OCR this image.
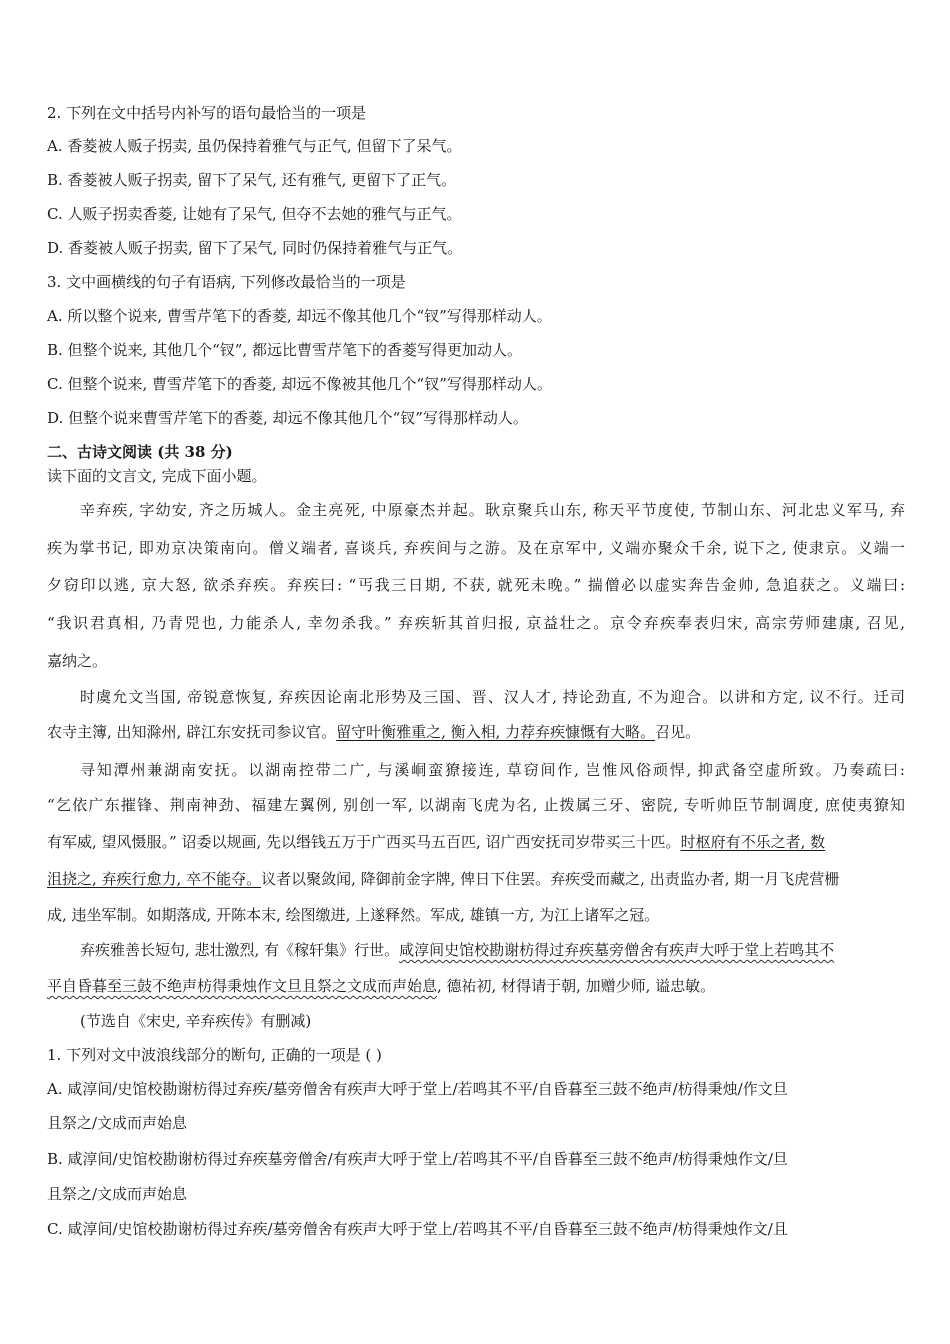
2. 下列在文中括号内补写的语句最恰当的一项是
A. 香菱被人贩子拐卖, 虽仍保持着雅气与正气, 但留下了呆气。
B. 香菱被人贩子拐卖, 留下了呆气, 还有雅气, 更留下了正气。
C. 人贩子拐卖香菱, 让她有了呆气, 但夺不去她的雅气与正气。
D. 香菱被人贩子拐卖, 留下了呆气, 同时仍保持着雅气与正气。
3. 文中画横线的句子有语病, 下列修改最恰当的一项是
A. 所以整个说来, 曹雪芹笔下的香菱, 却远不像其他几个“钗”写得那样动人。
B. 但整个说来, 其他几个“钗”, 都远比曹雪芹笔下的香菱写得更加动人。
C. 但整个说来, 曹雪芹笔下的香菱, 却远不像被其他几个“钗”写得那样动人。
D. 但整个说来曹雪芹笔下的香菱, 却远不像其他几个“钗”写得那样动人。
二、古诗文阅读 (共 38 分)
读下面的文言文, 完成下面小题。
辛弃疾, 字幼安, 齐之历城人。金主亮死, 中原豪杰并起。耿京聚兵山东, 称天平节度使, 节制山东、河北忠义军马, 弃
疾为掌书记, 即劝京决策南向。僧义端者, 喜谈兵, 弃疾间与之游。及在京军中, 义端亦聚众千余, 说下之, 使隶京。义端一
夕窃印以逃, 京大怒, 欲杀弃疾。弃疾曰: “丐我三日期, 不获, 就死未晚。” 揣僧必以虚实奔告金帅, 急追获之。义端曰:
“我识君真相, 乃青兕也, 力能杀人, 幸勿杀我。” 弃疾斩其首归报, 京益壮之。京令弃疾奉表归宋, 高宗劳师建康, 召见,
嘉纳之。
时虞允文当国, 帝锐意恢复, 弃疾因论南北形势及三国、晋、汉人才, 持论劲直, 不为迎合。以讲和方定, 议不行。迁司
农寺主簿, 出知滁州, 辟江东安抚司参议官。留守叶衡雅重之, 衡入相, 力荐弃疾慷慨有大略。召见。
寻知潭州兼湖南安抚。以湖南控带二广, 与溪峒蛮獠接连, 草窃间作, 岂惟风俗顽悍, 抑武备空虚所致。乃奏疏曰:
“乞依广东摧锋、荆南神劲、福建左翼例, 别创一军, 以湖南飞虎为名, 止拨属三牙、密院, 专听帅臣节制调度, 庶使夷獠知
有军威, 望风慑服。” 诏委以规画, 先以缗钱五万于广西买马五百匹, 诏广西安抚司岁带买三十匹。时枢府有不乐之者, 数
沮挠之, 弃疾行愈力, 卒不能夺。议者以聚敛闻, 降御前金字牌, 俾日下住罢。弃疾受而藏之, 出责监办者, 期一月飞虎营栅
成, 违坐军制。如期落成, 开陈本末, 绘图缴进, 上遂释然。军成, 雄镇一方, 为江上诸军之冠。
弃疾雅善长短句, 悲壮激烈, 有《稼轩集》行世。咸淳间史馆校勘谢枋得过弃疾墓旁僧舍有疾声大呼于堂上若鸣其不
平自昏暮至三鼓不绝声枋得秉烛作文旦且祭之文成而声始息, 德祐初, 材得请于朝, 加赠少师, 谥忠敏。
(节选自《宋史, 辛弃疾传》有删减)
1. 下列对文中波浪线部分的断句, 正确的一项是 ( )
A. 咸淳间/史馆校勘谢枋得过弃疾/墓旁僧舍有疾声大呼于堂上/若鸣其不平/自昏暮至三鼓不绝声/枋得秉烛/作文旦
且祭之/文成而声始息
B. 咸淳间/史馆校勘谢枋得过弃疾墓旁僧舍/有疾声大呼于堂上/若鸣其不平/自昏暮至三鼓不绝声/枋得秉烛作文/旦
且祭之/文成而声始息
C. 咸淳间/史馆校勘谢枋得过弃疾/墓旁僧舍有疾声大呼于堂上/若鸣其不平/自昏暮至三鼓不绝声/枋得秉烛作文/且
